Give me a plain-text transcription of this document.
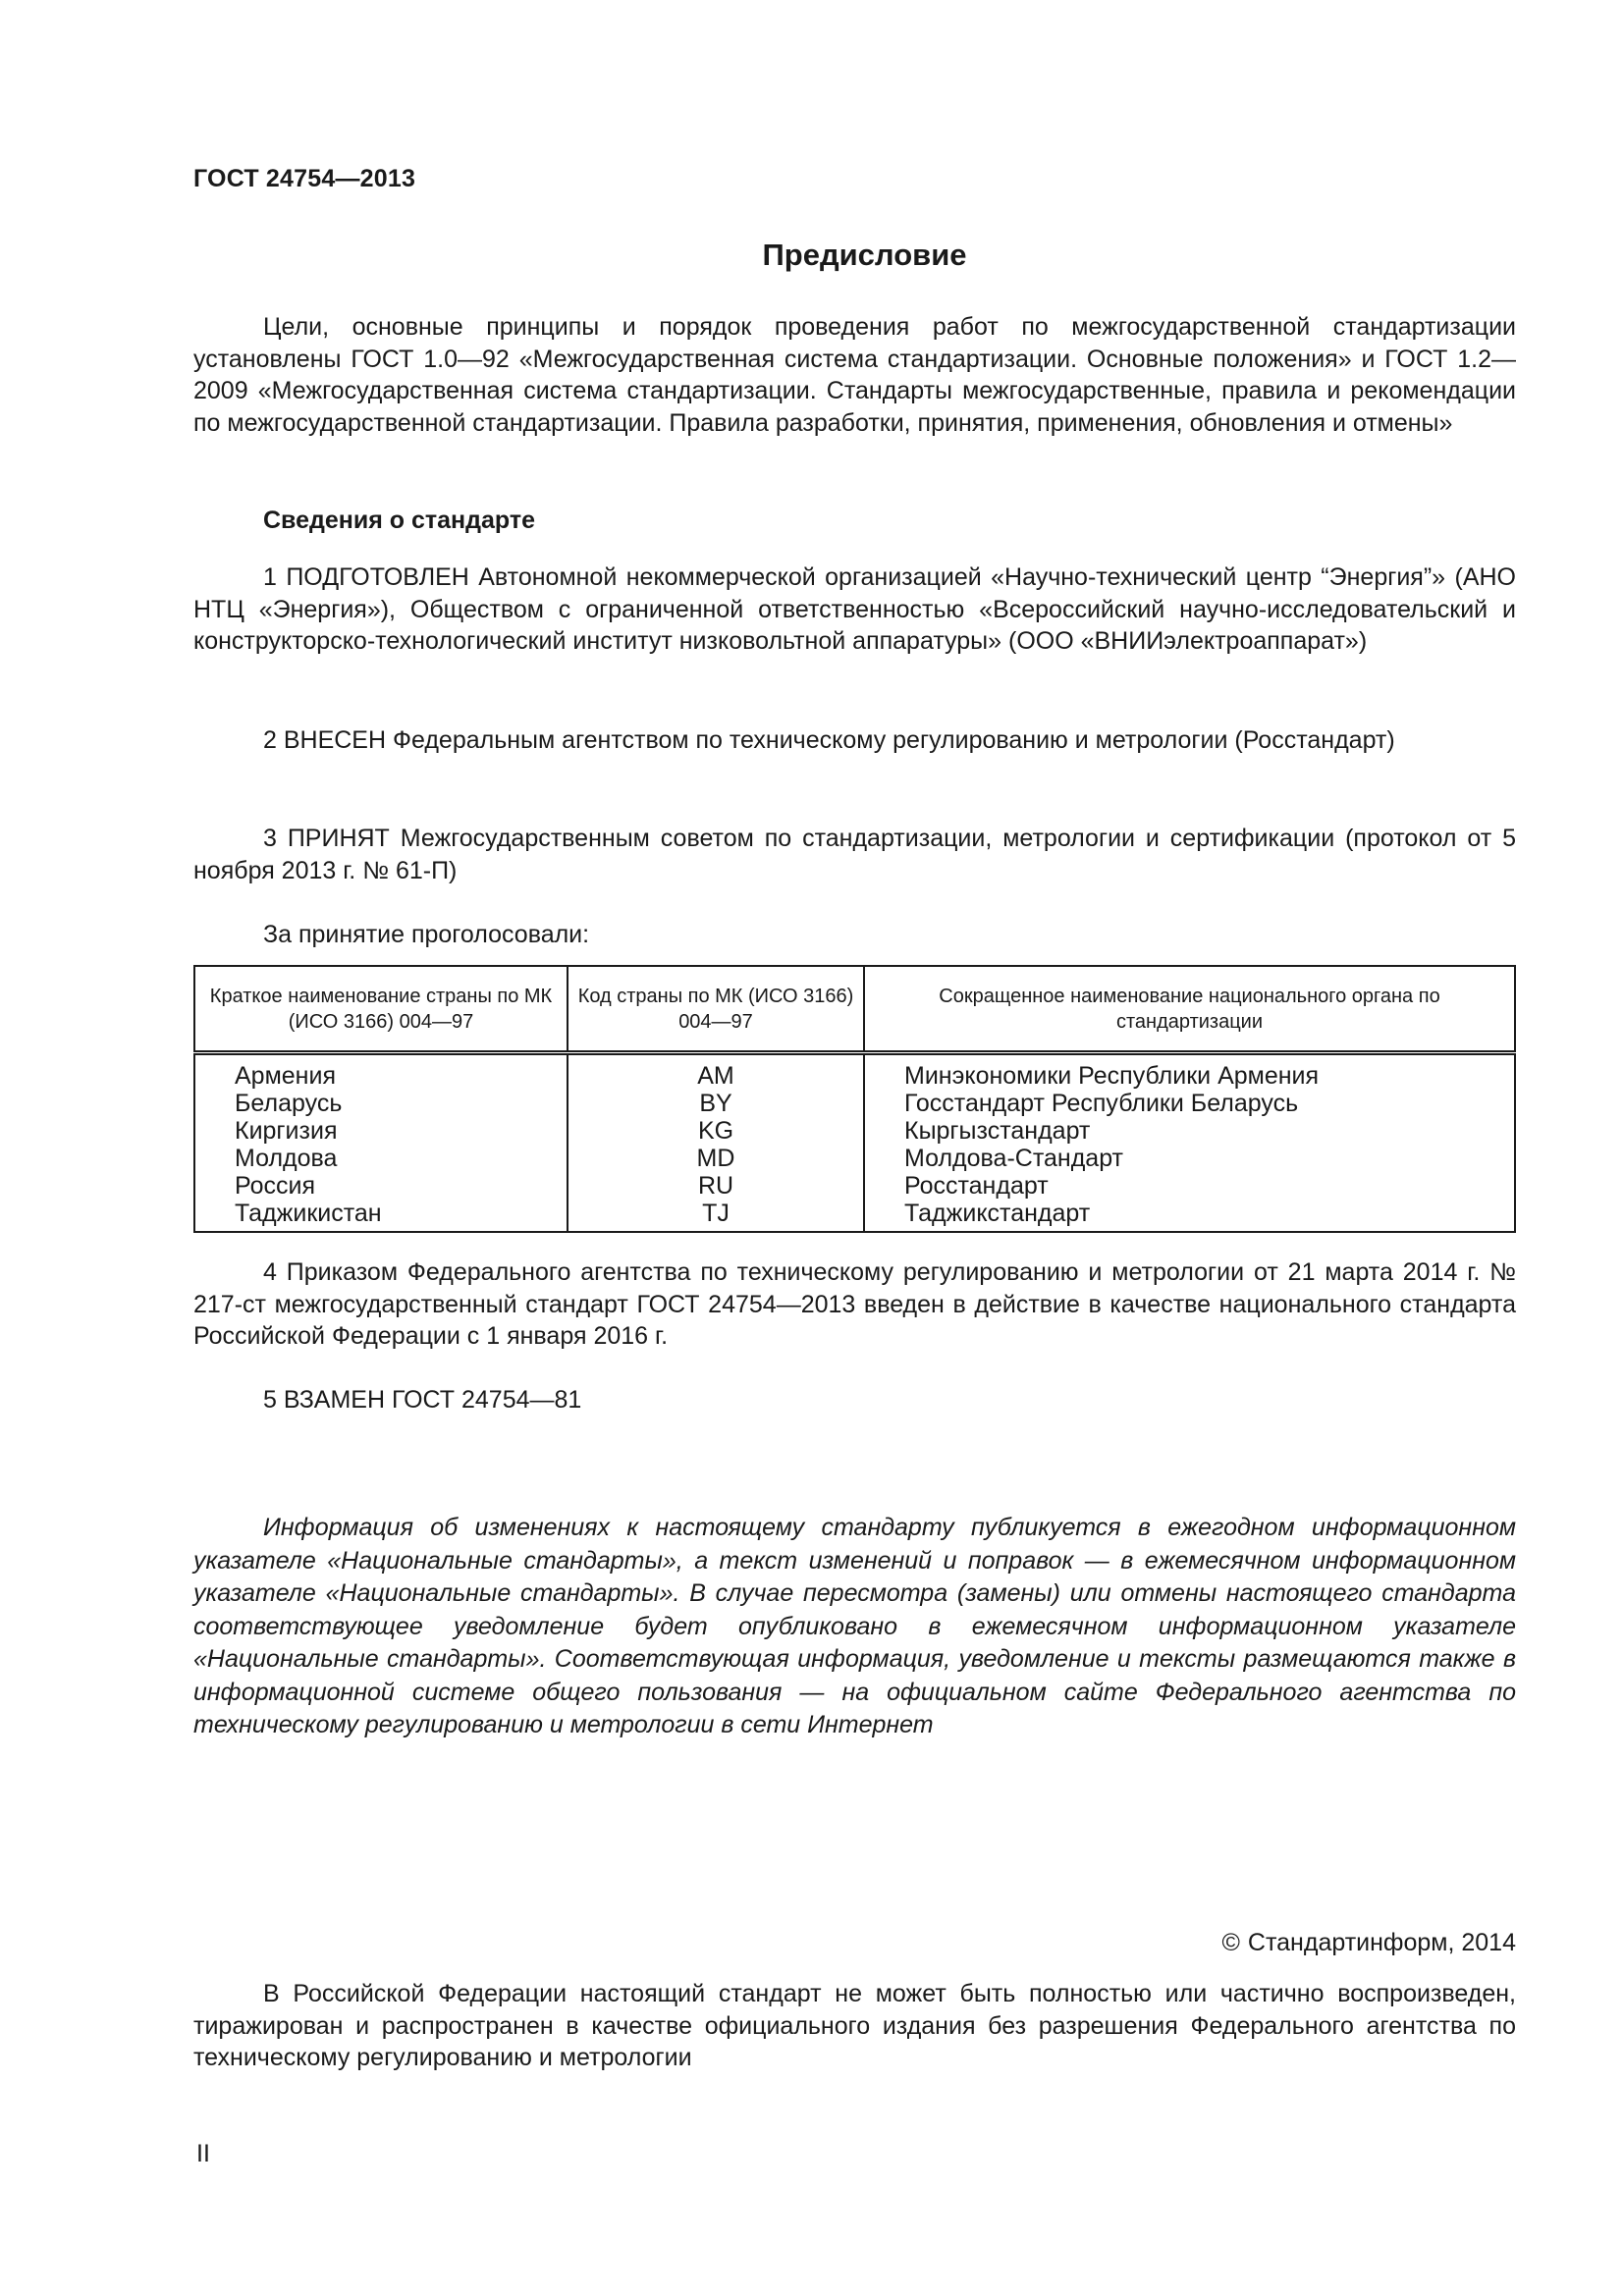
ГОСТ 24754—2013
Предисловие
Цели, основные принципы и порядок проведения работ по межгосударственной стандартизации установлены ГОСТ 1.0—92 «Межгосударственная система стандартизации. Основные положения» и ГОСТ 1.2—2009 «Межгосударственная система стандартизации. Стандарты межгосударственные, правила и рекомендации по межгосударственной стандартизации. Правила разработки, принятия, применения, обновления и отмены»
Сведения о стандарте
1 ПОДГОТОВЛЕН Автономной некоммерческой организацией «Научно-технический центр “Энергия”» (АНО НТЦ «Энергия»), Обществом с ограниченной ответственностью «Всероссийский научно-исследовательский и конструкторско-технологический институт низковольтной аппаратуры» (ООО «ВНИИэлектроаппарат»)
2 ВНЕСЕН Федеральным агентством по техническому регулированию и метрологии (Росстандарт)
3 ПРИНЯТ Межгосударственным советом по стандартизации, метрологии и сертификации (протокол от 5 ноября 2013 г. № 61-П)
За принятие проголосовали:
Краткое наименование страны по МК (ИСО 3166) 004—97	Код страны по МК (ИСО 3166) 004—97	Сокращенное наименование национального органа по стандартизации
Армения	AM	Минэкономики Республики Армения
Беларусь	BY	Госстандарт Республики Беларусь
Киргизия	KG	Кыргызстандарт
Молдова	MD	Молдова-Стандарт
Россия	RU	Росстандарт
Таджикистан	TJ	Таджикстандарт
4 Приказом Федерального агентства по техническому регулированию и метрологии от 21 марта 2014 г. № 217-ст межгосударственный стандарт ГОСТ 24754—2013 введен в действие в качестве национального стандарта Российской Федерации с 1 января 2016 г.
5 ВЗАМЕН ГОСТ 24754—81
Информация об изменениях к настоящему стандарту публикуется в ежегодном информационном указателе «Национальные стандарты», а текст изменений и поправок — в ежемесячном информационном указателе «Национальные стандарты». В случае пересмотра (замены) или отмены настоящего стандарта соответствующее уведомление будет опубликовано в ежемесячном информационном указателе «Национальные стандарты». Соответствующая информация, уведомление и тексты размещаются также в информационной системе общего пользования — на официальном сайте Федерального агентства по техническому регулированию и метрологии в сети Интернет
© Стандартинформ, 2014
В Российской Федерации настоящий стандарт не может быть полностью или частично воспроизведен, тиражирован и распространен в качестве официального издания без разрешения Федерального агентства по техническому регулированию и метрологии
II
